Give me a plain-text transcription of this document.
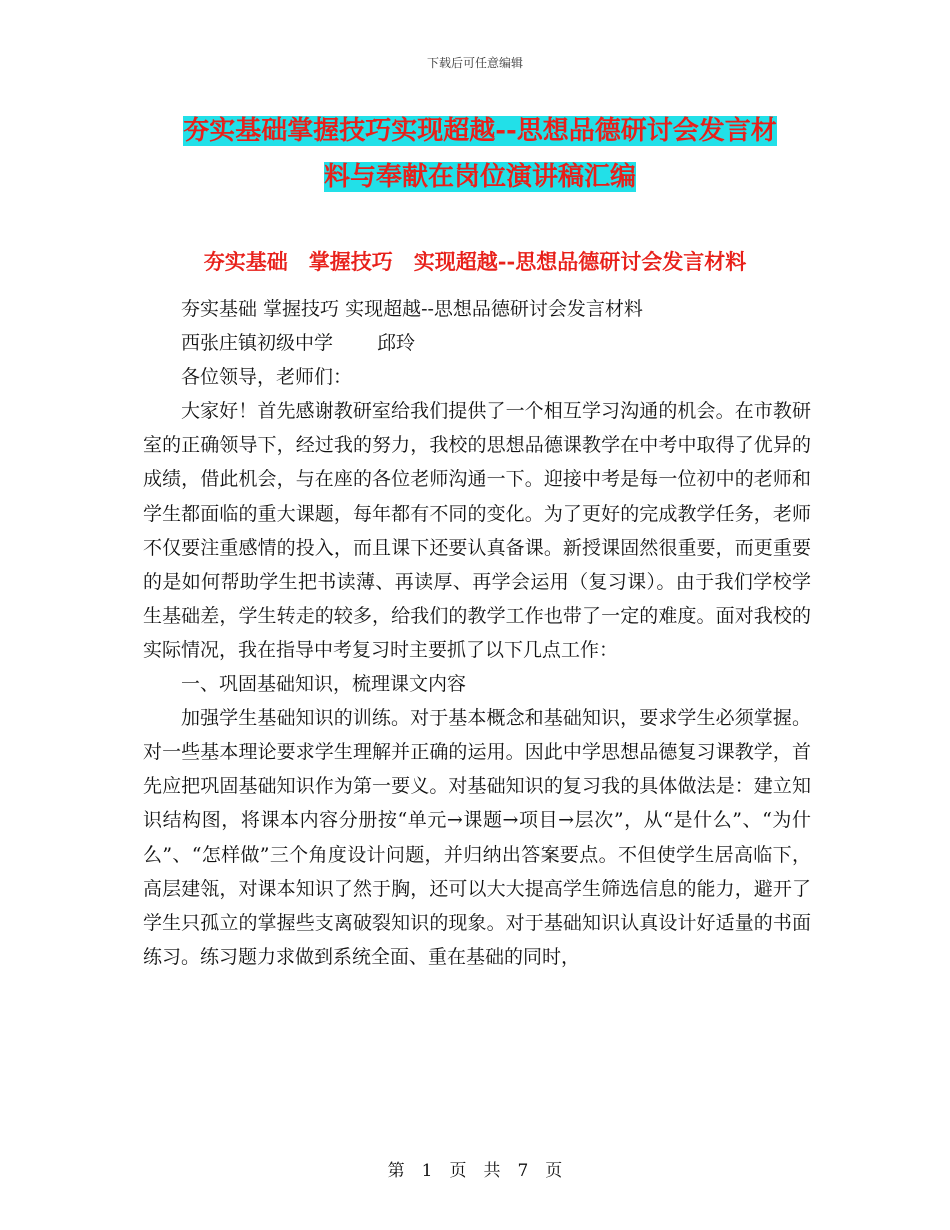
下载后可任意编辑
夯实基础掌握技巧实现超越--思想品德研讨会发言材
料与奉献在岗位演讲稿汇编
夯实基础　掌握技巧　实现超越--思想品德研讨会发言材料

夯实基础 掌握技巧 实现超越--思想品德研讨会发言材料

西张庄镇初级中学　　 邱玲

各位领导，老师们：

大家好！首先感谢教研室给我们提供了一个相互学习沟通的机会。在市教研室的正确领导下，经过我的努力，我校的思想品德课教学在中考中取得了优异的成绩，借此机会，与在座的各位老师沟通一下。迎接中考是每一位初中的老师和学生都面临的重大课题，每年都有不同的变化。为了更好的完成教学任务，老师不仅要注重感情的投入，而且课下还要认真备课。新授课固然很重要，而更重要的是如何帮助学生把书读薄、再读厚、再学会运用（复习课）。由于我们学校学生基础差，学生转走的较多，给我们的教学工作也带了一定的难度。面对我校的实际情况，我在指导中考复习时主要抓了以下几点工作：

一、巩固基础知识，梳理课文内容

加强学生基础知识的训练。对于基本概念和基础知识，要求学生必须掌握。对一些基本理论要求学生理解并正确的运用。因此中学思想品德复习课教学，首先应把巩固基础知识作为第一要义。对基础知识的复习我的具体做法是：建立知识结构图，将课本内容分册按“单元→课题→项目→层次”，从“是什么”、“为什么”、“怎样做”三个角度设计问题，并归纳出答案要点。不但使学生居高临下，高层建瓴，对课本知识了然于胸，还可以大大提高学生筛选信息的能力，避开了学生只孤立的掌握些支离破裂知识的现象。对于基础知识认真设计好适量的书面练习。练习题力求做到系统全面、重在基础的同时，

第　1　页　共　7　页
